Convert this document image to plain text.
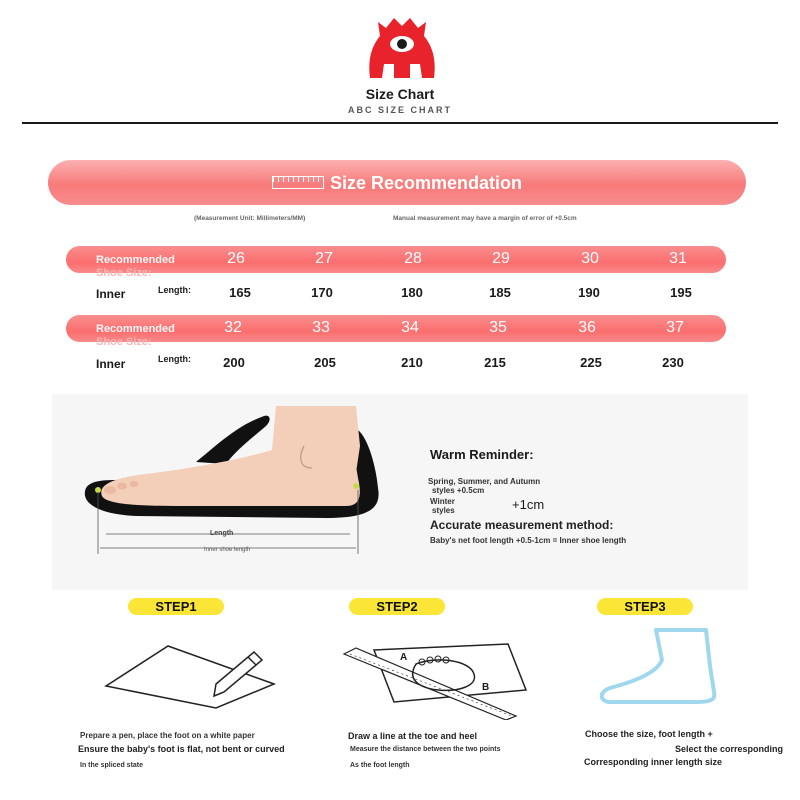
Size Chart
ABC SIZE CHART
Size Recommendation
(Measurement Unit: Millimeters/MM)	Manual measurement may have a margin of error of +0.5cm
Recommended
Shoe Size:
26	27	28	29	30	31
Inner	Length:	165	170	180	185	190	195
Recommended
Shoe Size:
32	33	34	35	36	37
Inner	Length:	200	205	210	215	225	230
Length
Inner shoe length
Warm Reminder:
Spring, Summer, and Autumn
styles +0.5cm
Winter
styles	+1cm
Accurate measurement method:
Baby's net foot length +0.5-1cm = Inner shoe length
STEP1
Prepare a pen, place the foot on a white paper
Ensure the baby's foot is flat, not bent or curved
In the spliced state
STEP2
A
B
Draw a line at the toe and heel
Measure the distance between the two points
As the foot length
STEP3
Choose the size, foot length +
Select the corresponding
Corresponding inner length size
